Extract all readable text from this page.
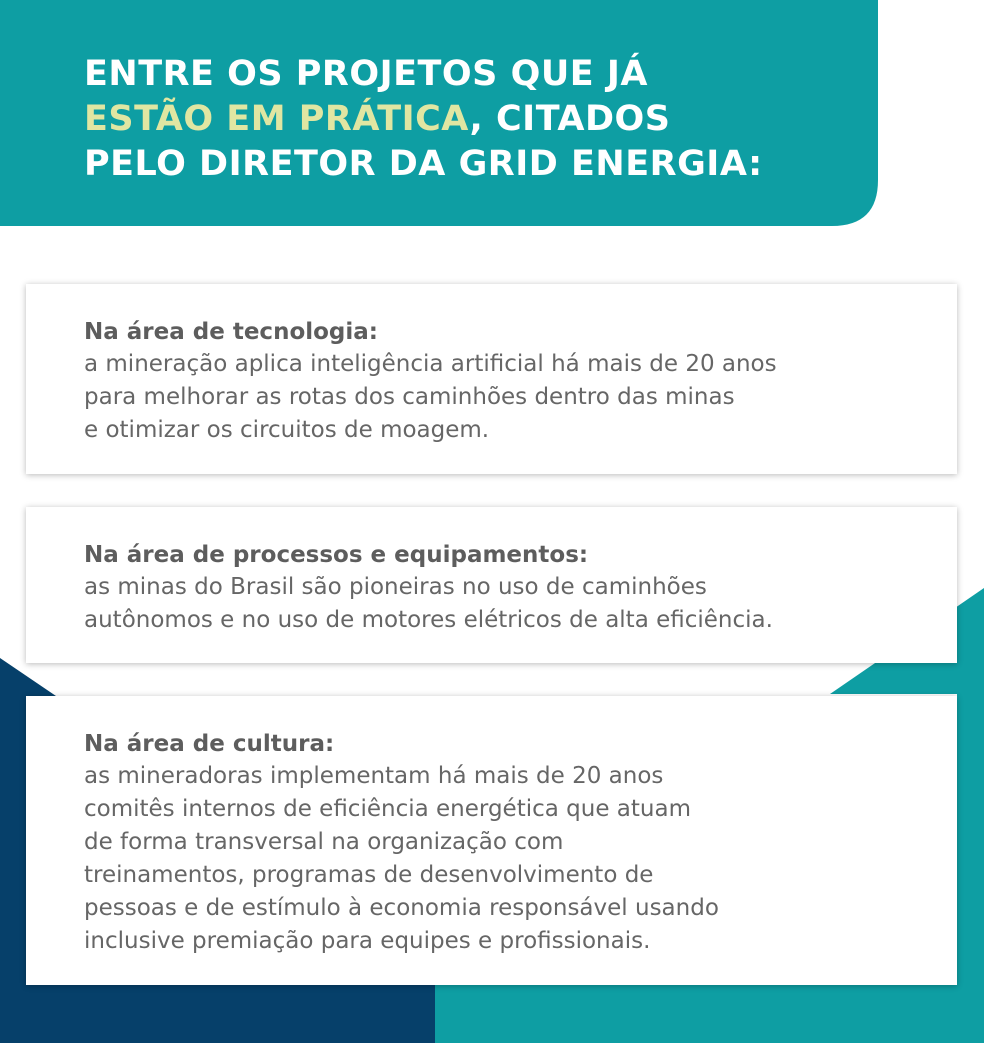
ENTRE OS PROJETOS QUE JÁ
ESTÃO EM PRÁTICA, CITADOS
PELO DIRETOR DA GRID ENERGIA:

Na área de tecnologia:

a mineração aplica inteligência artificial há mais de 20 anos
para melhorar as rotas dos caminhões dentro das minas
e otimizar os circuitos de moagem.

Na área de processos e equipamentos:

as minas do Brasil são pioneiras no uso de caminhões
autônomos e no uso de motores elétricos de alta eficiência.

Na área de cultura:

as mineradoras implementam há mais de 20 anos
comitês internos de eficiência energética que atuam
de forma transversal na organização com
treinamentos, programas de desenvolvimento de
pessoas e de estímulo à economia responsável usando
inclusive premiação para equipes e profissionais.
